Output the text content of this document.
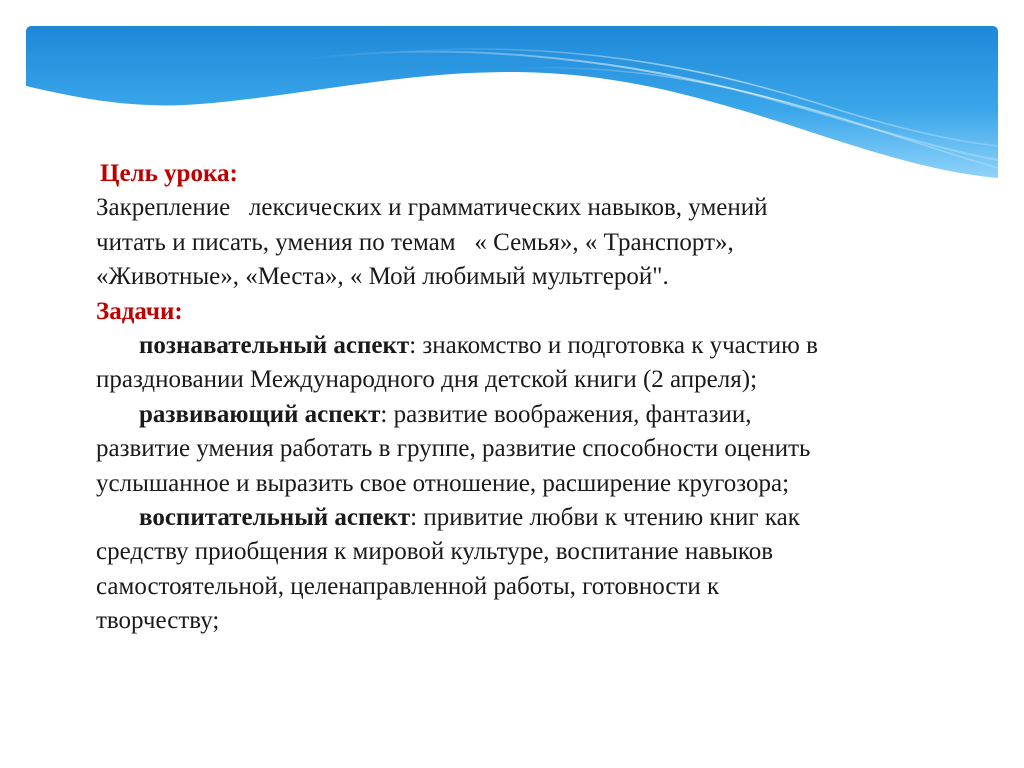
Цель урока:
Закрепление   лексических и грамматических навыков, умений
читать и писать, умения по темам   « Семья», « Транспорт»,
«Животные», «Места», « Мой любимый мультгерой".
Задачи:
познавательный аспект: знакомство и подготовка к участию в
праздновании Международного дня детской книги (2 апреля);
развивающий аспект: развитие воображения, фантазии,
развитие умения работать в группе, развитие способности оценить
услышанное и выразить свое отношение, расширение кругозора;
воспитательный аспект: привитие любви к чтению книг как
средству приобщения к мировой культуре, воспитание навыков
самостоятельной, целенаправленной работы, готовности к
творчеству;
